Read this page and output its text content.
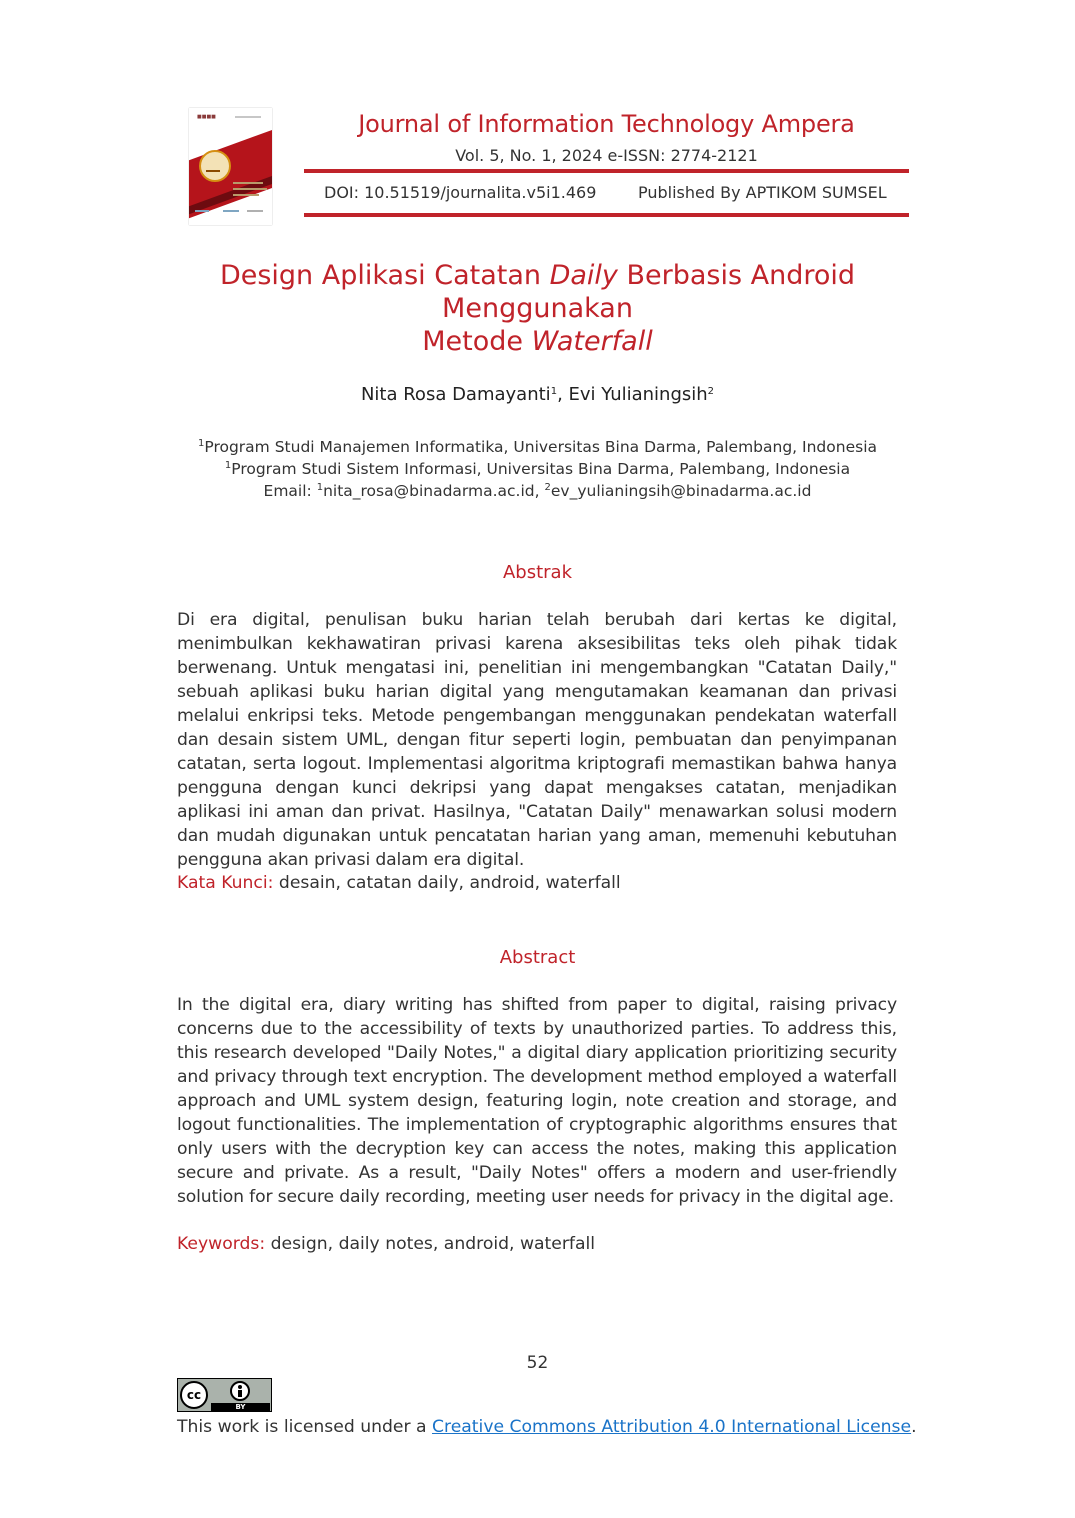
■■■■	Journal of Information Technology Ampera
Vol. 5, No. 1, 2024 e-ISSN: 2774-2121
DOI: 10.51519/journalita.v5i1.469	Published By APTIKOM SUMSEL
Design Aplikasi Catatan Daily Berbasis Android Menggunakan
Metode Waterfall
Nita Rosa Damayanti$^1$, Evi Yulianingsih$^2$
$^1$Program Studi Manajemen Informatika, Universitas Bina Darma, Palembang, Indonesia
$^1$Program Studi Sistem Informasi, Universitas Bina Darma, Palembang, Indonesia
Email: $^1$nita_rosa@binadarma.ac.id, $^2$ev_yulianingsih@binadarma.ac.id
Abstrak
Di era digital, penulisan buku harian telah berubah dari kertas ke digital, menimbulkan kekhawatiran privasi karena aksesibilitas teks oleh pihak tidak berwenang. Untuk mengatasi ini, penelitian ini mengembangkan "Catatan Daily," sebuah aplikasi buku harian digital yang mengutamakan keamanan dan privasi melalui enkripsi teks. Metode pengembangan menggunakan pendekatan waterfall dan desain sistem UML, dengan fitur seperti login, pembuatan dan penyimpanan catatan, serta logout. Implementasi algoritma kriptografi memastikan bahwa hanya pengguna dengan kunci dekripsi yang dapat mengakses catatan, menjadikan aplikasi ini aman dan privat. Hasilnya, "Catatan Daily" menawarkan solusi modern dan mudah digunakan untuk pencatatan harian yang aman, memenuhi kebutuhan pengguna akan privasi dalam era digital.
Kata Kunci: desain, catatan daily, android, waterfall
Abstract
In the digital era, diary writing has shifted from paper to digital, raising privacy concerns due to the accessibility of texts by unauthorized parties. To address this, this research developed "Daily Notes," a digital diary application prioritizing security and privacy through text encryption. The development method employed a waterfall approach and UML system design, featuring login, note creation and storage, and logout functionalities. The implementation of cryptographic algorithms ensures that only users with the decryption key can access the notes, making this application secure and private. As a result, "Daily Notes" offers a modern and user-friendly solution for secure daily recording, meeting user needs for privacy in the digital age.
Keywords: design, daily notes, android, waterfall
52
cc
BY
This work is licensed under a Creative Commons Attribution 4.0 International License.
